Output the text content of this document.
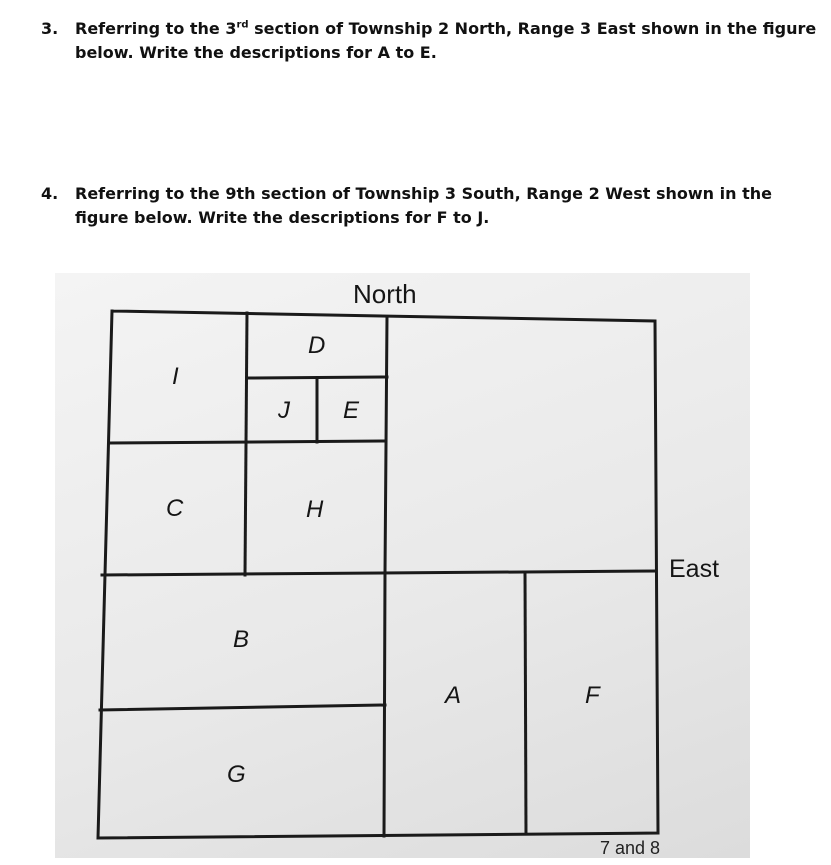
3. Referring to the 3rd section of Township 2 North, Range 3 East shown in the figure below. Write the descriptions for A to E.
4. Referring to the 9th section of Township 3 South, Range 2 West shown in the figure below. Write the descriptions for F to J.
North
East
I
D
J E
C	H
B
A	F
G
7 and 8
